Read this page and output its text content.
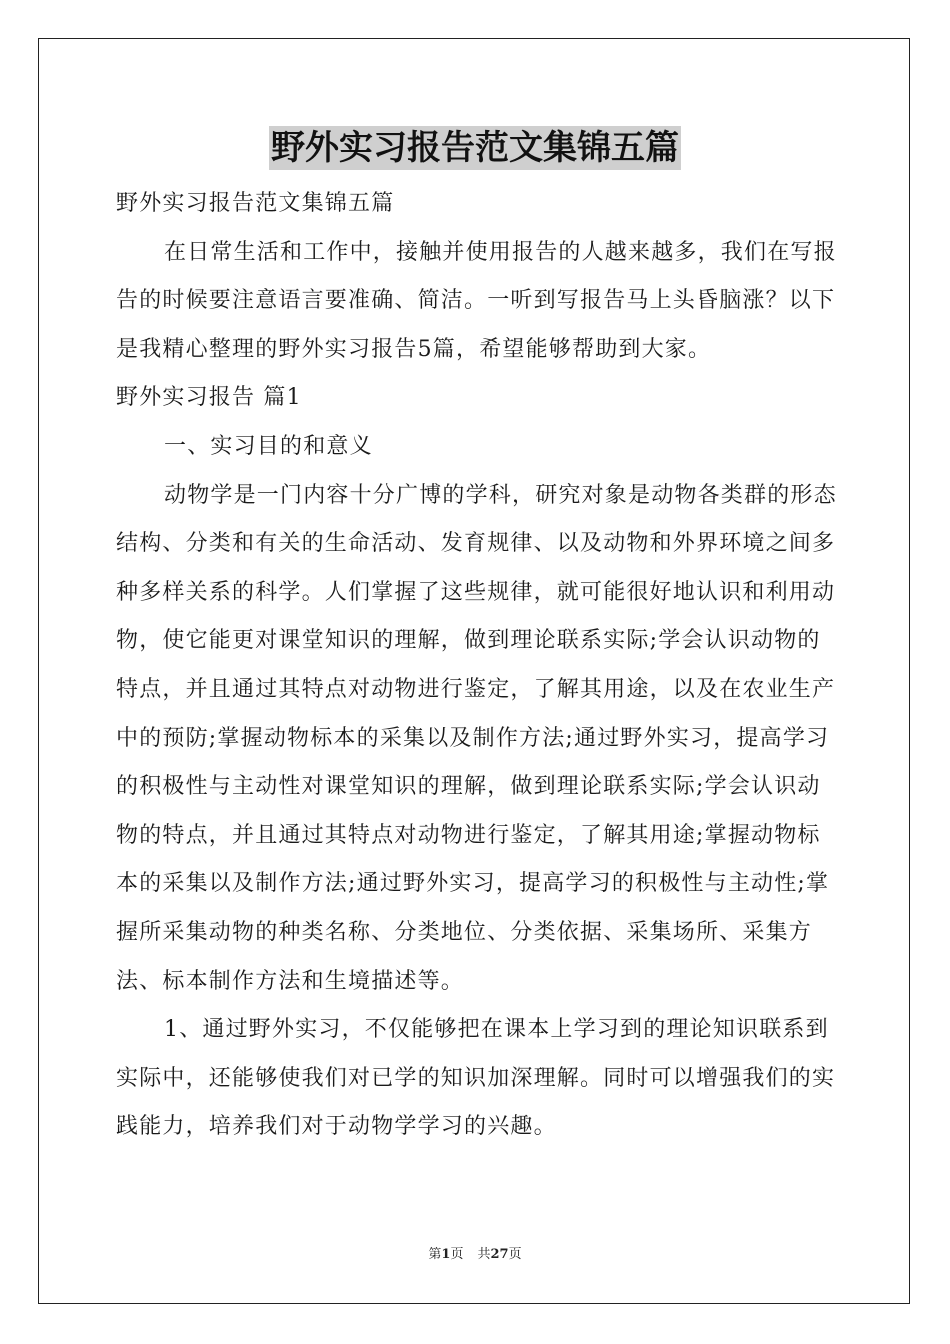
野外实习报告范文集锦五篇

野外实习报告范文集锦五篇

在日常生活和工作中，接触并使用报告的人越来越多，我们在写报告的时候要注意语言要准确、简洁。一听到写报告马上头昏脑涨？以下是我精心整理的野外实习报告5篇，希望能够帮助到大家。

野外实习报告 篇1

一、实习目的和意义

动物学是一门内容十分广博的学科，研究对象是动物各类群的形态结构、分类和有关的生命活动、发育规律、以及动物和外界环境之间多种多样关系的科学。人们掌握了这些规律，就可能很好地认识和利用动物，使它能更对课堂知识的理解，做到理论联系实际;学会认识动物的特点，并且通过其特点对动物进行鉴定，了解其用途，以及在农业生产中的预防;掌握动物标本的采集以及制作方法;通过野外实习，提高学习的积极性与主动性对课堂知识的理解，做到理论联系实际;学会认识动物的特点，并且通过其特点对动物进行鉴定，了解其用途;掌握动物标本的采集以及制作方法;通过野外实习，提高学习的积极性与主动性;掌握所采集动物的种类名称、分类地位、分类依据、采集场所、采集方法、标本制作方法和生境描述等。

1、通过野外实习，不仅能够把在课本上学习到的理论知识联系到实际中，还能够使我们对已学的知识加深理解。同时可以增强我们的实践能力，培养我们对于动物学学习的兴趣。

第1页 共27页
